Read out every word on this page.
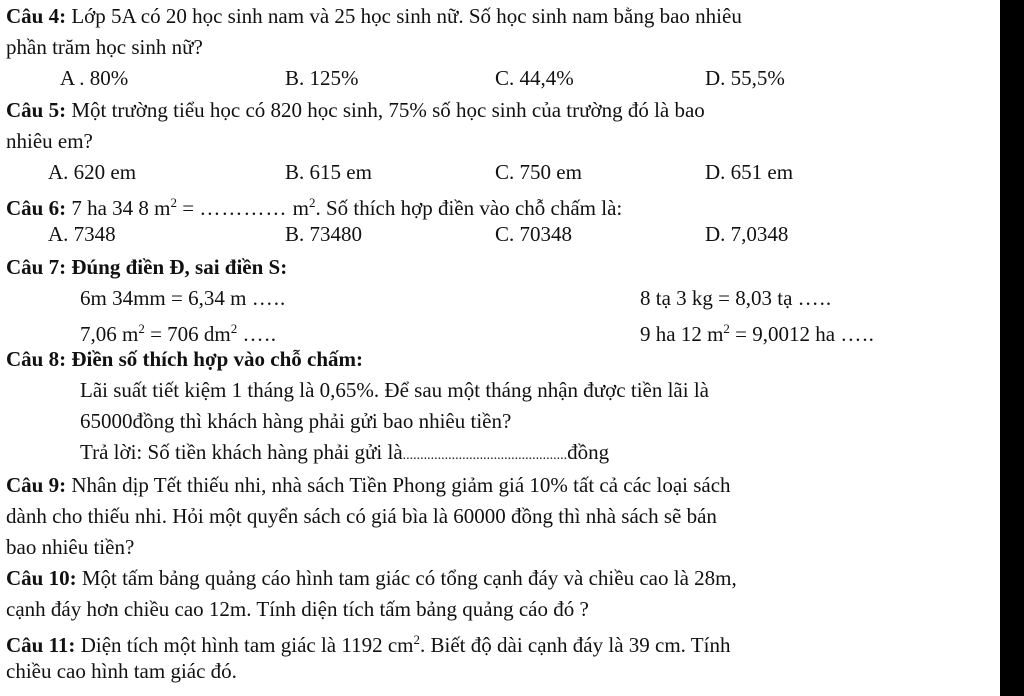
Câu 4: Lớp 5A có 20 học sinh nam và 25 học sinh nữ. Số học sinh nam bằng bao nhiêu
phần trăm học sinh nữ?
A . 80%	B. 125%	C. 44,4%	D. 55,5%
Câu 5: Một trường tiểu học có 820 học sinh, 75% số học sinh của trường đó là bao
nhiêu em?
A. 620 em	B. 615 em	C. 750 em	D. 651 em
Câu 6: 7 ha 34 8 $m^2$ = ………… $m^2$. Số thích hợp điền vào chỗ chấm là:
A. 7348	B. 73480	C. 70348	D. 7,0348
Câu 7: Đúng điền Đ, sai điền S:
6m 34mm = 6,34 m …..	8 tạ 3 kg = 8,03 tạ …..
7,06 $m^2 = 706$ $dm^2$ …..	9 ha 12 $m^2 = 9,0012$ ha …..
Câu 8: Điền số thích hợp vào chỗ chấm:
Lãi suất tiết kiệm 1 tháng là 0,65%. Để sau một tháng nhận được tiền lãi là
65000đồng thì khách hàng phải gửi bao nhiêu tiền?
Trả lời: Số tiền khách hàng phải gửi là...............................................đồng
Câu 9: Nhân dịp Tết thiếu nhi, nhà sách Tiền Phong giảm giá 10% tất cả các loại sách
dành cho thiếu nhi. Hỏi một quyển sách có giá bìa là 60000 đồng thì nhà sách sẽ bán
bao nhiêu tiền?
Câu 10: Một tấm bảng quảng cáo hình tam giác có tổng cạnh đáy và chiều cao là 28m,
cạnh đáy hơn chiều cao 12m. Tính diện tích tấm bảng quảng cáo đó ?
Câu 11: Diện tích một hình tam giác là 1192 $cm^2$. Biết độ dài cạnh đáy là 39 cm. Tính
chiều cao hình tam giác đó.
